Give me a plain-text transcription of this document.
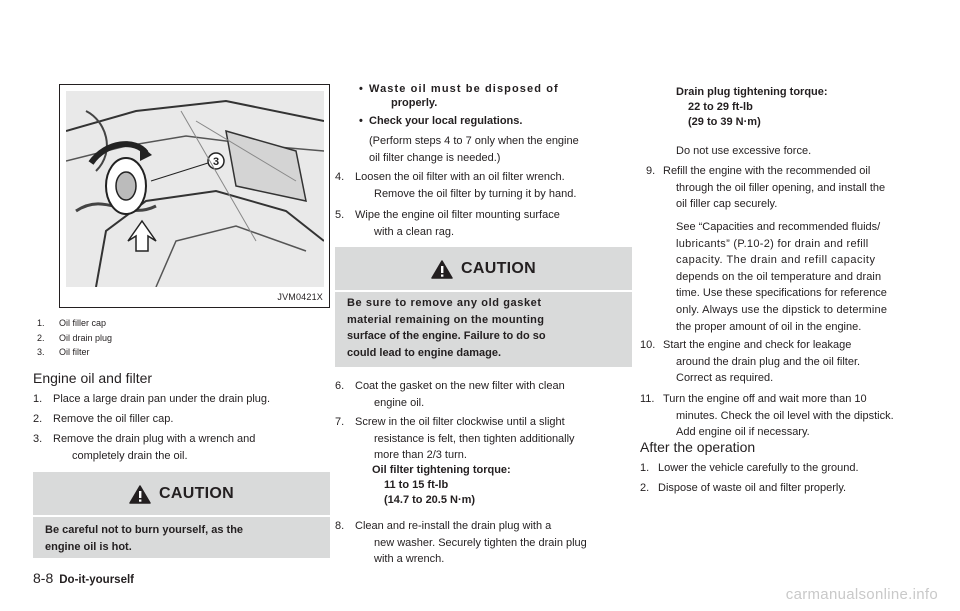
3
JVM0421X
1. Oil filler cap
2. Oil drain plug
3. Oil filter
Engine oil and filter
1. Place a large drain pan under the drain plug.
2. Remove the oil filler cap.
3. Remove the drain plug with a wrench and
completely drain the oil.
CAUTION
Be careful not to burn yourself, as the
engine oil is hot.
• Waste oil must be disposed of
properly.
• Check your local regulations.
(Perform steps 4 to 7 only when the engine
oil filter change is needed.)
4. Loosen the oil filter with an oil filter wrench.
Remove the oil filter by turning it by hand.
5. Wipe the engine oil filter mounting surface
with a clean rag.
CAUTION
Be sure to remove any old gasket
material remaining on the mounting
surface of the engine. Failure to do so
could lead to engine damage.
6. Coat the gasket on the new filter with clean
engine oil.
7. Screw in the oil filter clockwise until a slight
resistance is felt, then tighten additionally
more than 2/3 turn.
Oil filter tightening torque:
11 to 15 ft-lb
(14.7 to 20.5 N·m)
8. Clean and re-install the drain plug with a
new washer. Securely tighten the drain plug
with a wrench.
Drain plug tightening torque:
22 to 29 ft-lb
(29 to 39 N·m)
Do not use excessive force.
9. Refill the engine with the recommended oil
through the oil filler opening, and install the
oil filler cap securely.
See “Capacities and recommended fluids/
lubricants” (P.10-2) for drain and refill
capacity. The drain and refill capacity
depends on the oil temperature and drain
time. Use these specifications for reference
only. Always use the dipstick to determine
the proper amount of oil in the engine.
10. Start the engine and check for leakage
around the drain plug and the oil filter.
Correct as required.
11. Turn the engine off and wait more than 10
minutes. Check the oil level with the dipstick.
Add engine oil if necessary.
After the operation
1. Lower the vehicle carefully to the ground.
2. Dispose of waste oil and filter properly.
8-8 Do-it-yourself
carmanualsonline.info
